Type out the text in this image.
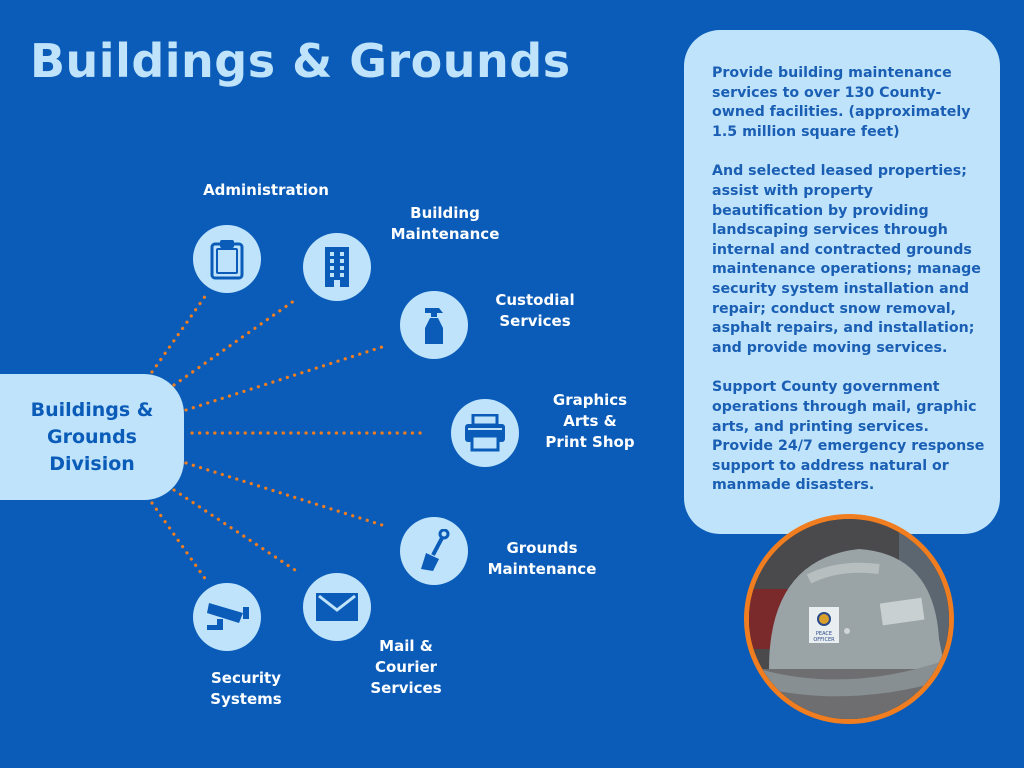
Buildings & Grounds
Buildings &
Grounds
Division
Administration
Building
Maintenance
Custodial
Services
Graphics
Arts &
Print Shop
Grounds
Maintenance
Mail &
Courier
Services
Security
Systems

Provide building maintenance services to over 130 County-owned facilities. (approximately 1.5 million square feet)

And selected leased properties; assist with property beautification by providing landscaping services through internal and contracted grounds maintenance operations; manage security system installation and repair; conduct snow removal, asphalt repairs, and installation; and provide moving services.

Support County government operations through mail, graphic arts, and printing services. Provide 24/7 emergency response support to address natural or manmade disasters.

PEACE
OFFICER
